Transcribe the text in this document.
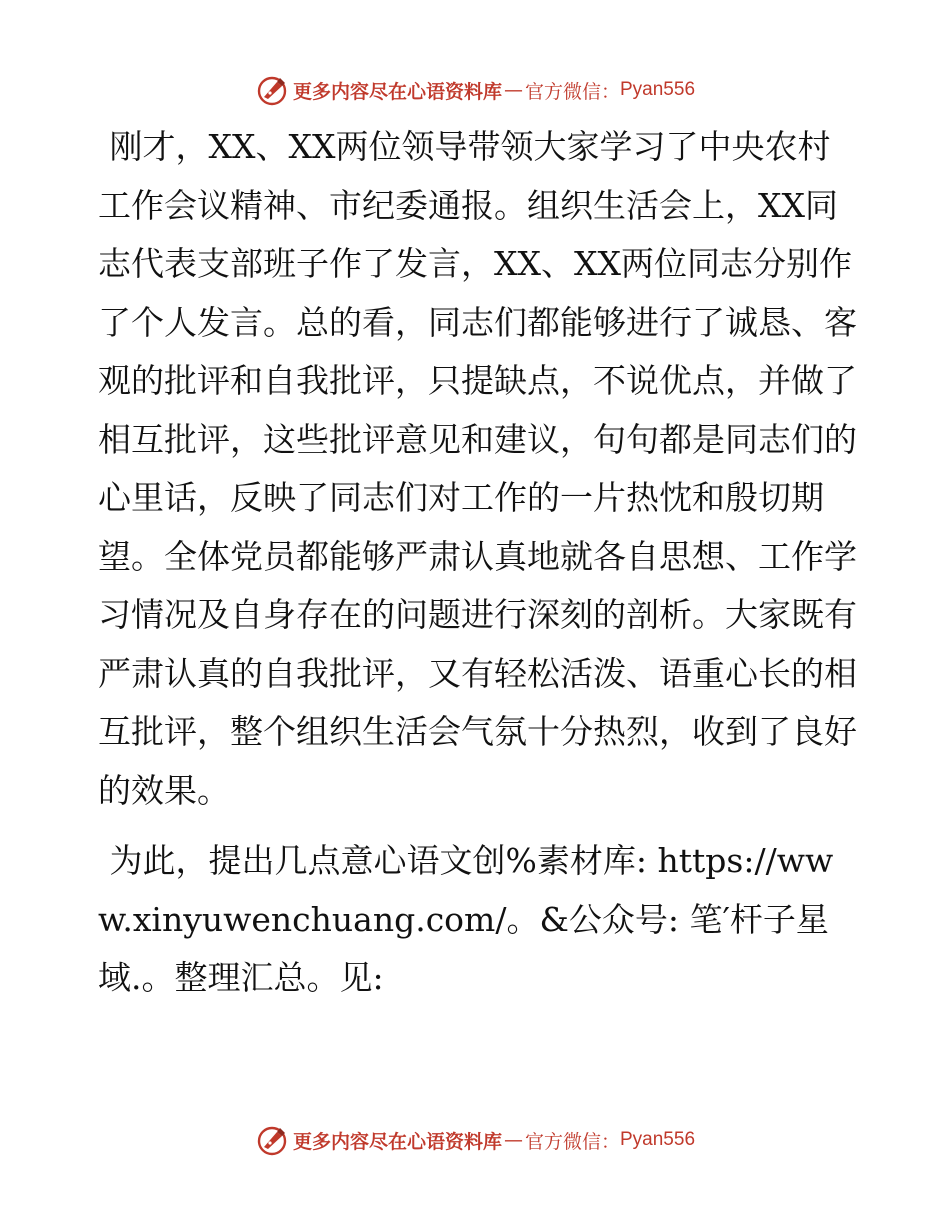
更多内容尽在心语资料库 — 官方微信： Pyan556

刚才，XX、XX两位领导带领大家学习了中央农村工作会议精神、市纪委通报。组织生活会上，XX同志代表支部班子作了发言，XX、XX两位同志分别作了个人发言。总的看，同志们都能够进行了诚恳、客观的批评和自我批评，只提缺点，不说优点，并做了相互批评，这些批评意见和建议，句句都是同志们的心里话，反映了同志们对工作的一片热忱和殷切期望。全体党员都能够严肃认真地就各自思想、工作学习情况及自身存在的问题进行深刻的剖析。大家既有严肃认真的自我批评，又有轻松活泼、语重心长的相互批评，整个组织生活会气氛十分热烈，收到了良好的效果。

为此，提出几点意心语文创%素材库: https://www.xinyuwenchuang.com/。&公众号: 笔′杆子星域.。整理汇总。见:

更多内容尽在心语资料库 — 官方微信： Pyan556
